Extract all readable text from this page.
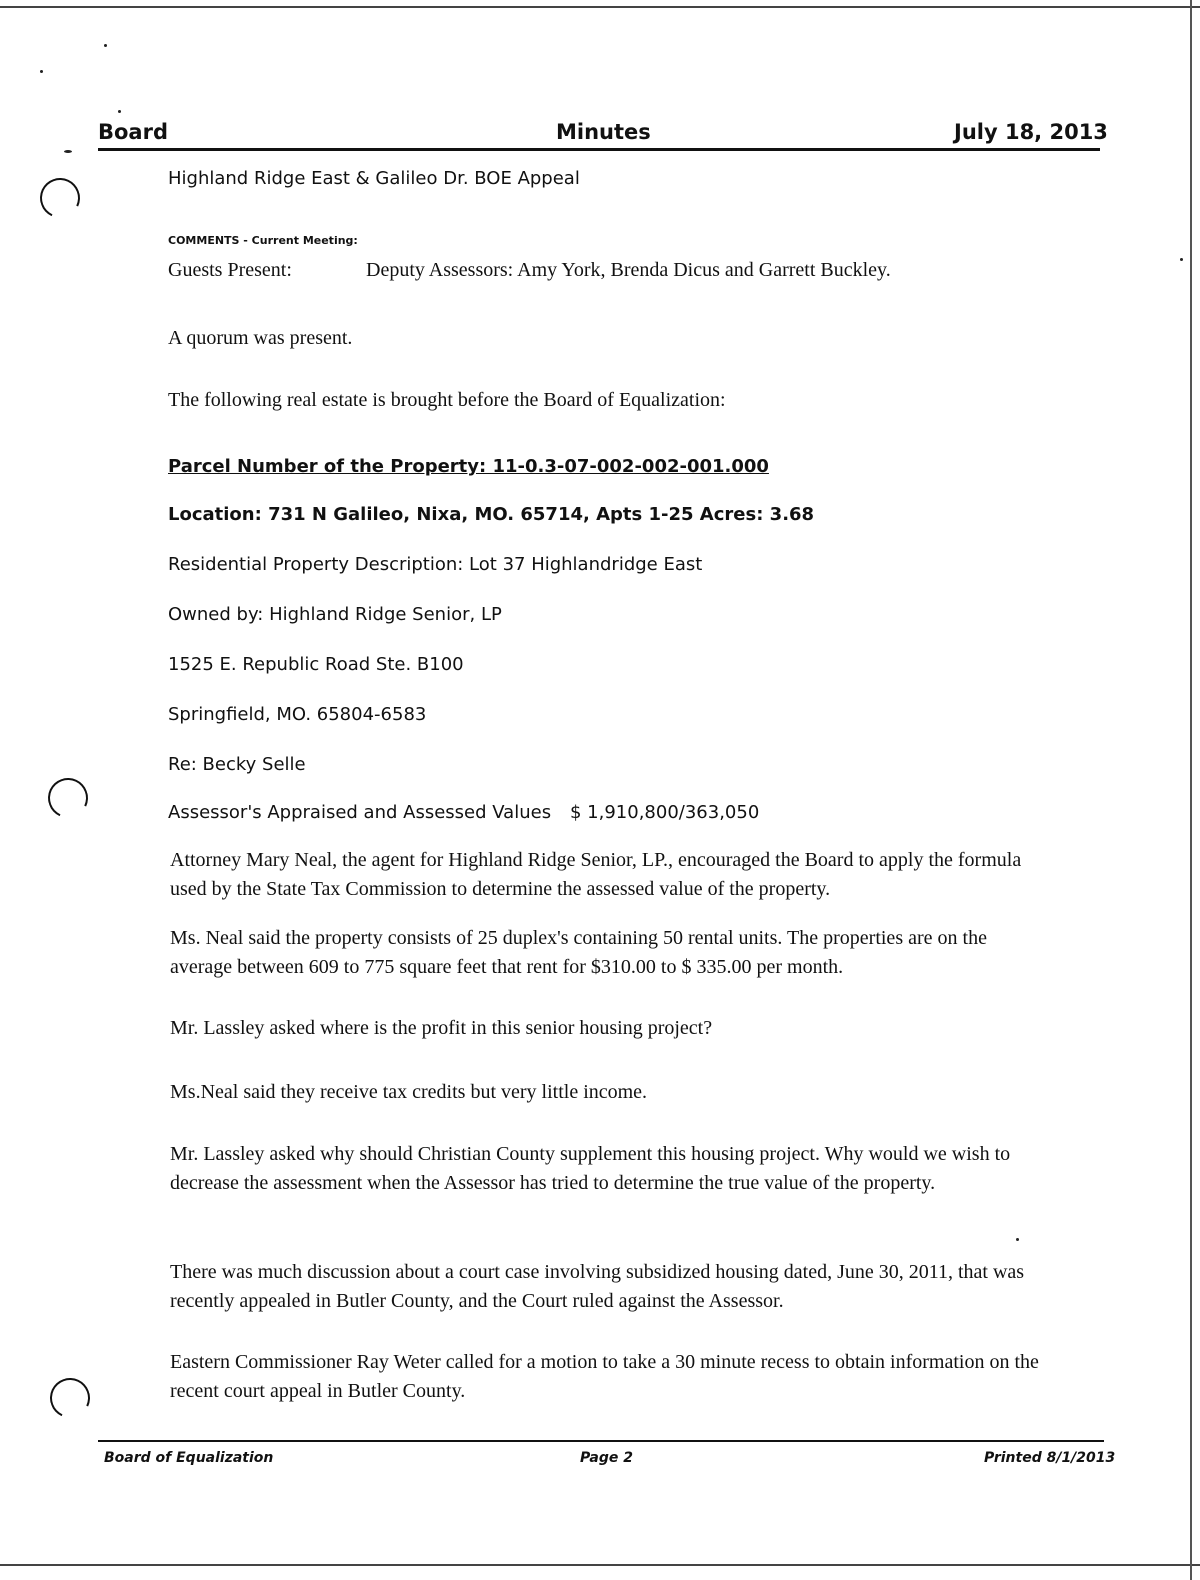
Board	Minutes	July 18, 2013
Highland Ridge East & Galileo Dr. BOE Appeal
COMMENTS - Current Meeting:
Guests Present:	Deputy Assessors: Amy York, Brenda Dicus and Garrett Buckley.
A quorum was present.
The following real estate is brought before the Board of Equalization:
Parcel Number of the Property: 11-0.3-07-002-002-001.000
Location: 731 N Galileo, Nixa, MO. 65714, Apts 1-25 Acres: 3.68
Residential Property Description: Lot 37 Highlandridge East
Owned by: Highland Ridge Senior, LP
1525 E. Republic Road Ste. B100
Springfield, MO. 65804-6583
Re: Becky Selle
Assessor's Appraised and Assessed Values $ 1,910,800/363,050
Attorney Mary Neal, the agent for Highland Ridge Senior, LP., encouraged the Board to apply the formula used by the State Tax Commission to determine the assessed value of the property.
Ms. Neal said the property consists of 25 duplex's containing 50 rental units. The properties are on the average between 609 to 775 square feet that rent for $310.00 to $ 335.00 per month.
Mr. Lassley asked where is the profit in this senior housing project?
Ms.Neal said they receive tax credits but very little income.
Mr. Lassley asked why should Christian County supplement this housing project. Why would we wish to decrease the assessment when the Assessor has tried to determine the true value of the property.
There was much discussion about a court case involving subsidized housing dated, June 30, 2011, that was recently appealed in Butler County, and the Court ruled against the Assessor.
Eastern Commissioner Ray Weter called for a motion to take a 30 minute recess to obtain information on the recent court appeal in Butler County.
Board of Equalization	Page 2	Printed 8/1/2013
